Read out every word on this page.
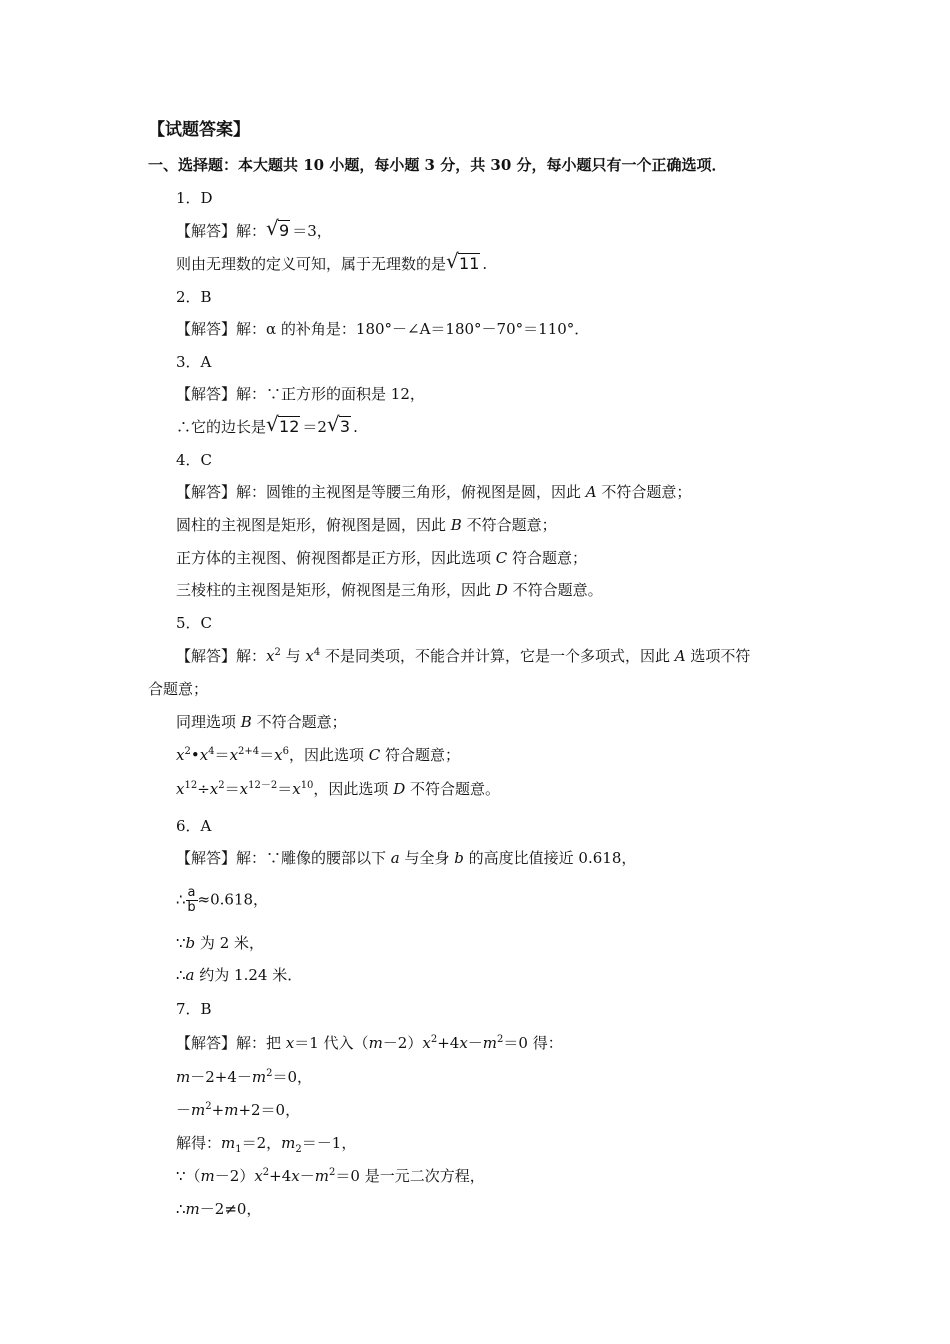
【试题答案】
一、选择题：本大题共 10 小题，每小题 3 分，共 30 分，每小题只有一个正确选项．
1．D
【解答】解： √ 9 ＝3，
则由无理数的定义可知，属于无理数的是 √ 11 .
2．B
【解答】解：α 的补角是：180°－∠A＝180°－70°＝110°．
3．A
【解答】解：∵正方形的面积是 12，
∴它的边长是 √ 12 ＝2 √ 3 .
4．C
【解答】解：圆锥的主视图是等腰三角形，俯视图是圆，因此 A 不符合题意；
圆柱的主视图是矩形，俯视图是圆，因此 B 不符合题意；
正方体的主视图、俯视图都是正方形，因此选项 C 符合题意；
三棱柱的主视图是矩形，俯视图是三角形，因此 D 不符合题意。
5．C
【解答】解：$x^2$ 与 $x^4$ 不是同类项，不能合并计算，它是一个多项式，因此 A 选项不符
合题意；
同理选项 B 不符合题意；
$x^2•x^4=x^{2+4}=x^6$，因此选项 C 符合题意；
$x^{12}\div x^2=x^{12-2}=x^{10}$，因此选项 D 不符合题意。
6．A
【解答】解：∵雕像的腰部以下 a 与全身 b 的高度比值接近 0.618，
∴ $\frac{a}{b} \approx 0.618$，
∵b 为 2 米，
∴a 约为 1.24 米．
7．B
【解答】解：把 x＝1 代入$(m-2)x^2+4x-m^2=0$ 得：
$m-2+4-m^2=0$，
$-m^2+m+2=0$，
解得：$m_1=2$，$m_2=-1$，
$\because(m-2)x^2+4x-m^2=0$ 是一元二次方程，
∴m－2≠0，
